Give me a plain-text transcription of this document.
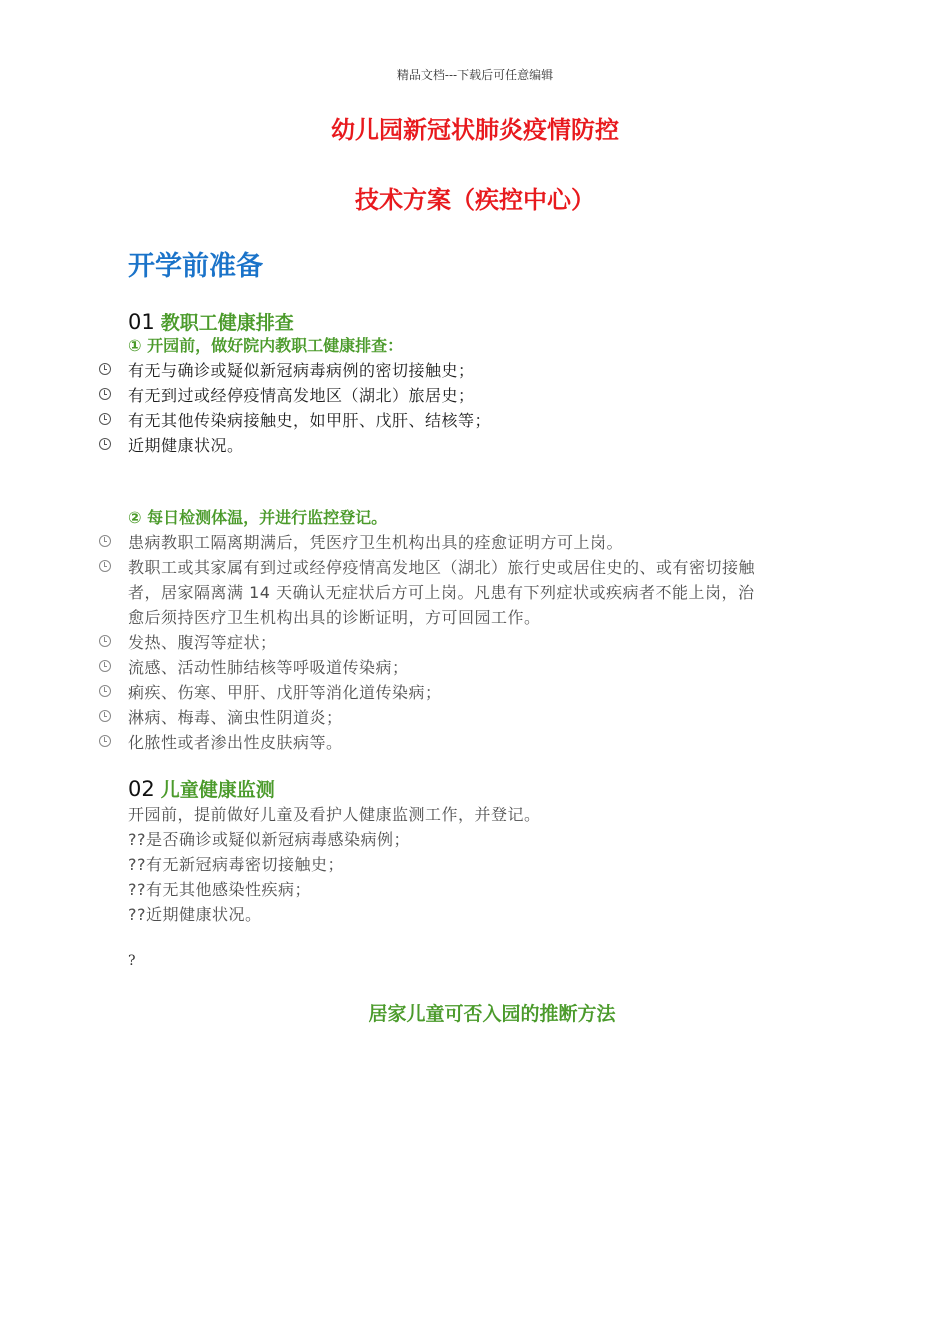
精品文档---下载后可任意编辑
幼儿园新冠状肺炎疫情防控
技术方案（疾控中心）
开学前准备
01 教职工健康排查
① 开园前，做好院内教职工健康排查：
有无与确诊或疑似新冠病毒病例的密切接触史；
有无到过或经停疫情高发地区（湖北）旅居史；
有无其他传染病接触史，如甲肝、戊肝、结核等；
近期健康状况。
② 每日检测体温，并进行监控登记。
患病教职工隔离期满后，凭医疗卫生机构出具的痊愈证明方可上岗。
教职工或其家属有到过或经停疫情高发地区（湖北）旅行史或居住史的、或有密切接触
者，居家隔离满 14 天确认无症状后方可上岗。凡患有下列症状或疾病者不能上岗，治
愈后须持医疗卫生机构出具的诊断证明，方可回园工作。
发热、腹泻等症状；
流感、活动性肺结核等呼吸道传染病；
痢疾、伤寒、甲肝、戊肝等消化道传染病；
淋病、梅毒、滴虫性阴道炎；
化脓性或者渗出性皮肤病等。
02 儿童健康监测
开园前，提前做好儿童及看护人健康监测工作，并登记。
??是否确诊或疑似新冠病毒感染病例；
??有无新冠病毒密切接触史；
??有无其他感染性疾病；
??近期健康状况。
?
居家儿童可否入园的推断方法
